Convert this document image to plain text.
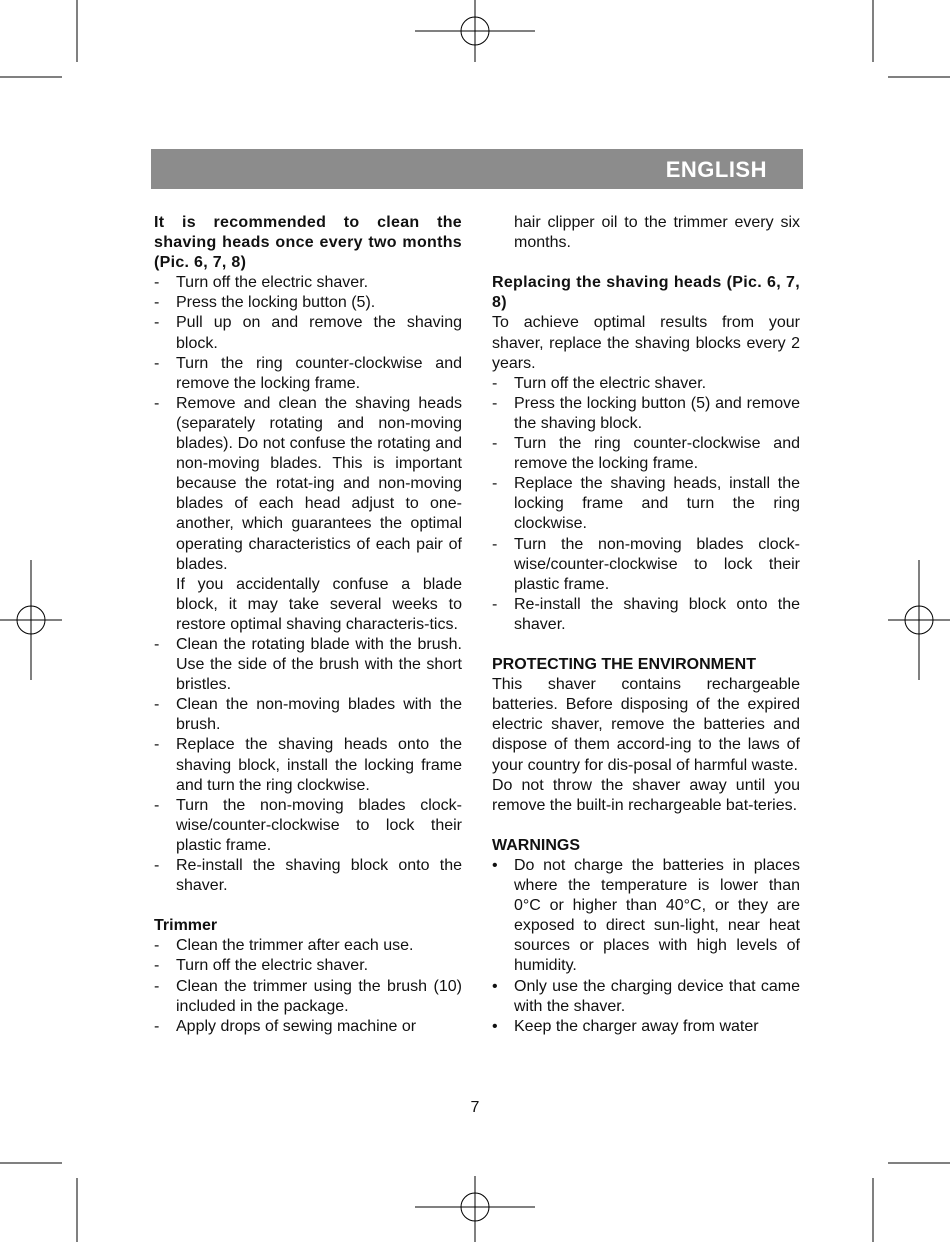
ENGLISH

It is recommended to clean the shaving heads once every two months (Pic. 6, 7, 8)

-	Turn off the electric shaver.
-	Press the locking button (5).
-	Pull up on and remove the shaving block.
-	Turn the ring counter-clockwise and remove the locking frame.
-	Remove and clean the shaving heads (separately rotating and non-moving blades). Do not confuse the rotating and non-moving blades. This is important because the rotat-ing and non-moving blades of each head adjust to one-another, which guarantees the optimal operating characteristics of each pair of blades.
If you accidentally confuse a blade block, it may take several weeks to restore optimal shaving characteris-tics.
-	Clean the rotating blade with the brush. Use the side of the brush with the short bristles.
-	Clean the non-moving blades with the brush.
-	Replace the shaving heads onto the shaving block, install the locking frame and turn the ring clockwise.
-	Turn the non-moving blades clock-wise/counter-clockwise to lock their plastic frame.
-	Re-install the shaving block onto the shaver.

Trimmer

-	Clean the trimmer after each use.
-	Turn off the electric shaver.
-	Clean the trimmer using the brush (10) included in the package.
-	Apply drops of sewing machine or
hair clipper oil to the trimmer every six months.

Replacing the shaving heads (Pic. 6, 7, 8)

To achieve optimal results from your shaver, replace the shaving blocks every 2 years.

-	Turn off the electric shaver.
-	Press the locking button (5) and remove the shaving block.
-	Turn the ring counter-clockwise and remove the locking frame.
-	Replace the shaving heads, install the locking frame and turn the ring clockwise.
-	Turn the non-moving blades clock-wise/counter-clockwise to lock their plastic frame.
-	Re-install the shaving block onto the shaver.

PROTECTING THE ENVIRONMENT

This shaver contains rechargeable batteries. Before disposing of the expired electric shaver, remove the batteries and dispose of them accord-ing to the laws of your country for dis-posal of harmful waste.

Do not throw the shaver away until you remove the built-in rechargeable bat-teries.

WARNINGS

•	Do not charge the batteries in places where the temperature is lower than 0°C or higher than 40°C, or they are exposed to direct sun-light, near heat sources or places with high levels of humidity.
•	Only use the charging device that came with the shaver.
•	Keep the charger away from water
7
